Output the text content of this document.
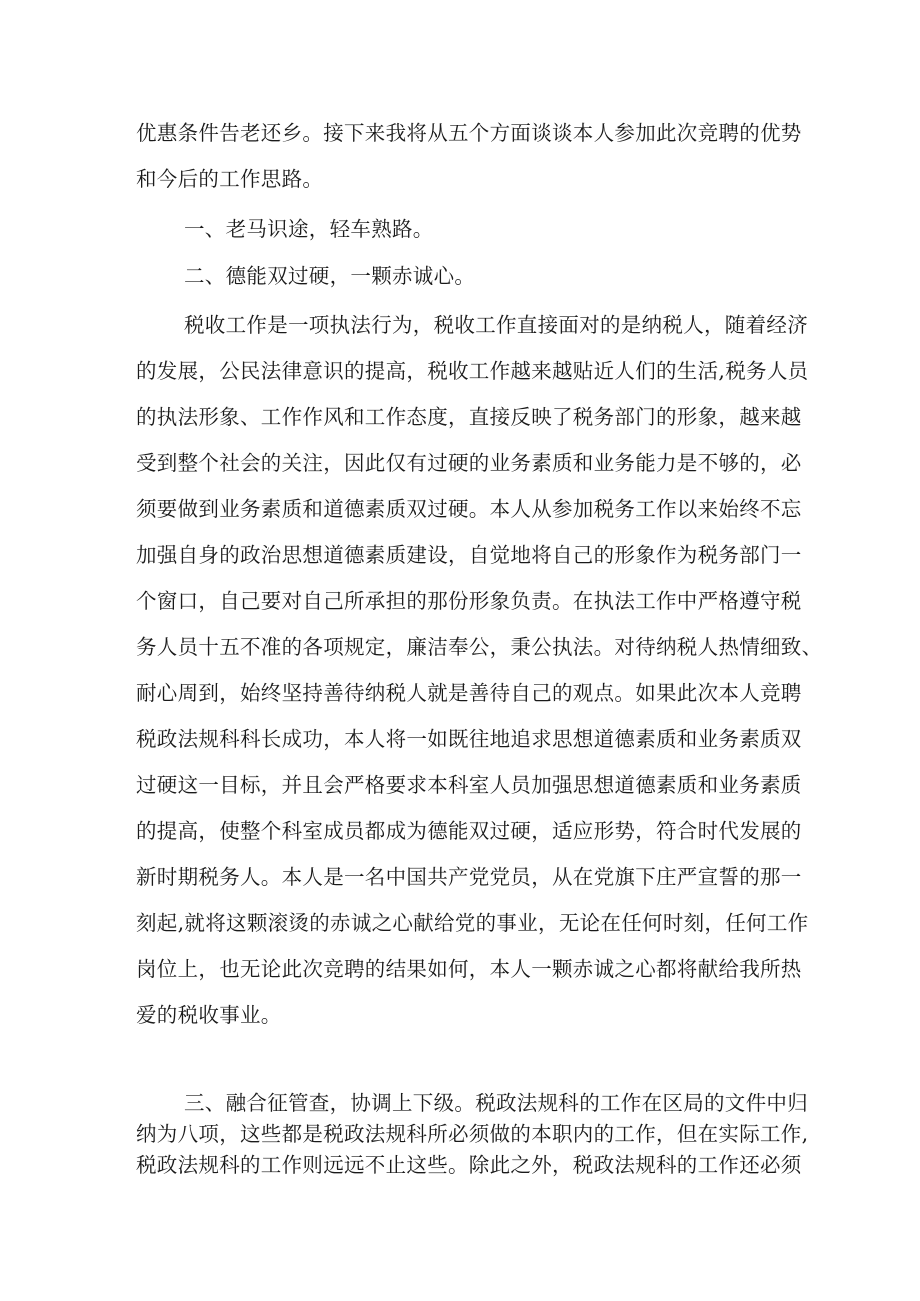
优惠条件告老还乡。接下来我将从五个方面谈谈本人参加此次竞聘的优势
和今后的工作思路。
一、老马识途，轻车熟路。
二、德能双过硬，一颗赤诚心。
税收工作是一项执法行为，税收工作直接面对的是纳税人，随着经济
的发展，公民法律意识的提高，税收工作越来越贴近人们的生活,税务人员
的执法形象、工作作风和工作态度，直接反映了税务部门的形象，越来越
受到整个社会的关注，因此仅有过硬的业务素质和业务能力是不够的，必
须要做到业务素质和道德素质双过硬。本人从参加税务工作以来始终不忘
加强自身的政治思想道德素质建设，自觉地将自己的形象作为税务部门一
个窗口，自己要对自己所承担的那份形象负责。在执法工作中严格遵守税
务人员十五不准的各项规定，廉洁奉公，秉公执法。对待纳税人热情细致、
耐心周到，始终坚持善待纳税人就是善待自己的观点。如果此次本人竞聘
税政法规科科长成功，本人将一如既往地追求思想道德素质和业务素质双
过硬这一目标，并且会严格要求本科室人员加强思想道德素质和业务素质
的提高，使整个科室成员都成为德能双过硬，适应形势，符合时代发展的
新时期税务人。本人是一名中国共产党党员，从在党旗下庄严宣誓的那一
刻起,就将这颗滚烫的赤诚之心献给党的事业，无论在任何时刻，任何工作
岗位上，也无论此次竞聘的结果如何，本人一颗赤诚之心都将献给我所热
爱的税收事业。
三、融合征管查，协调上下级。税政法规科的工作在区局的文件中归
纳为八项，这些都是税政法规科所必须做的本职内的工作，但在实际工作,
税政法规科的工作则远远不止这些。除此之外，税政法规科的工作还必须
